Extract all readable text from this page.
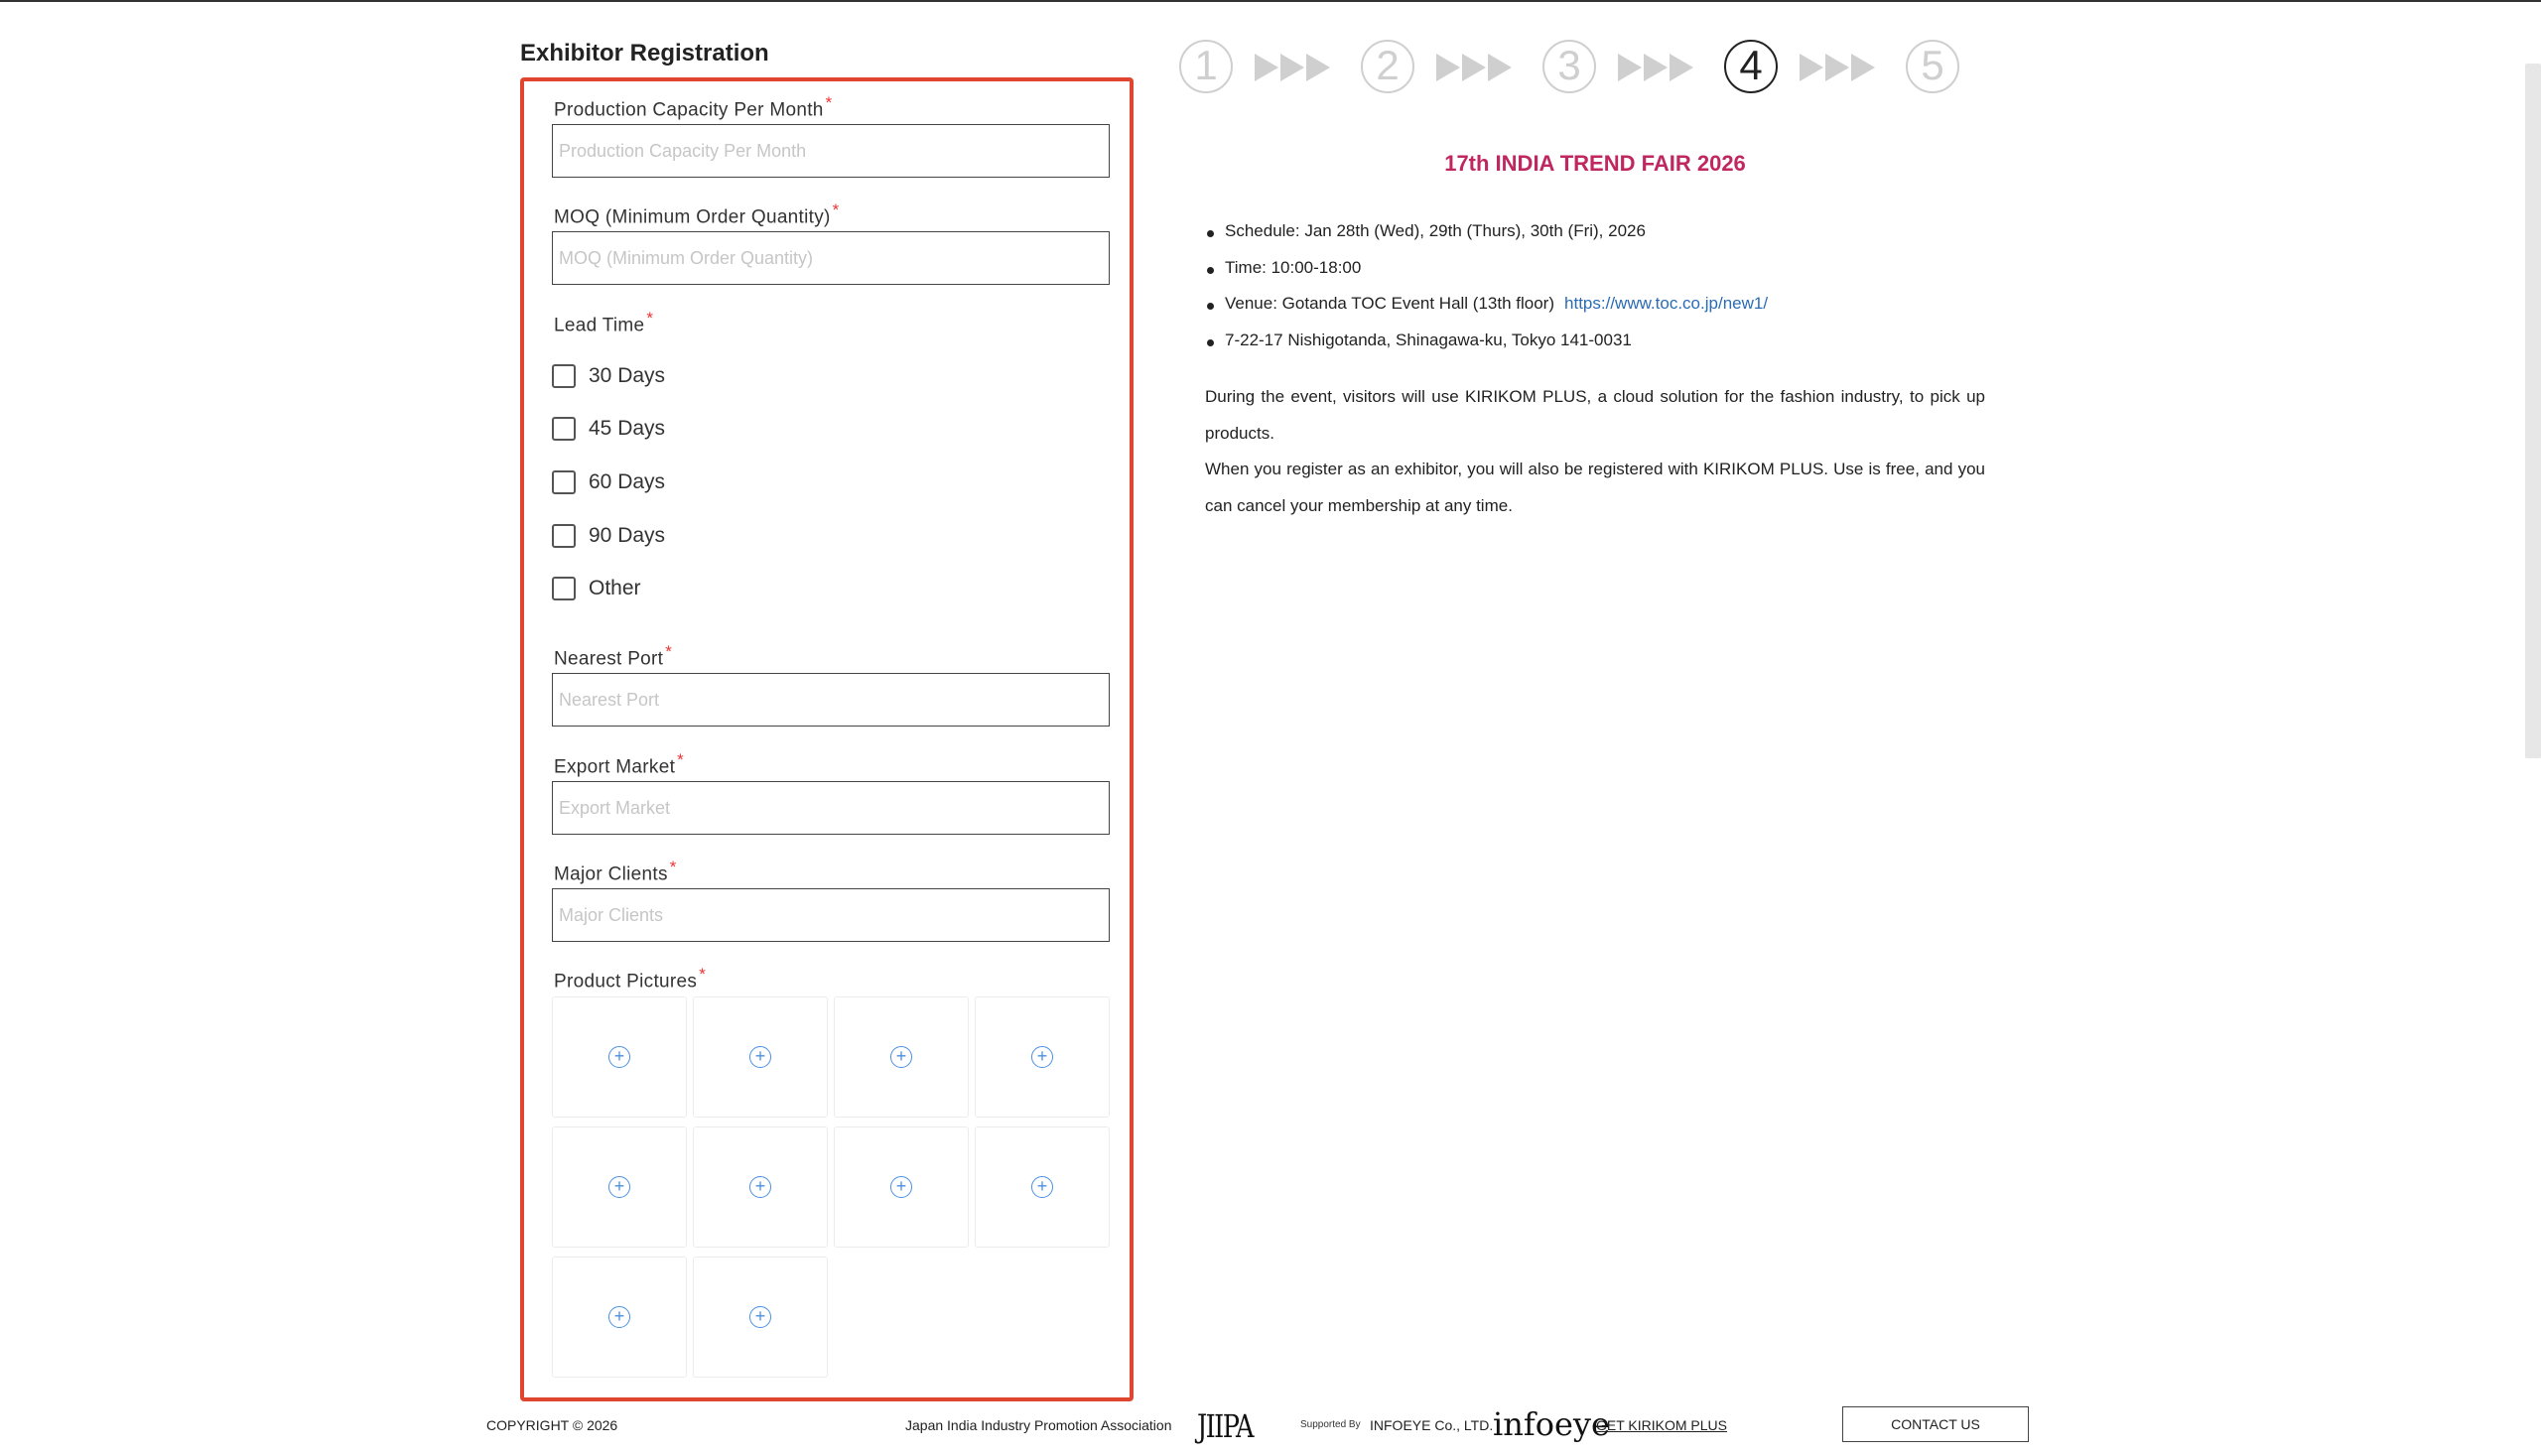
Exhibitor Registration
Production Capacity Per Month *
Production Capacity Per Month
MOQ (Minimum Order Quantity) *
MOQ (Minimum Order Quantity)
Lead Time *
30 Days
45 Days
60 Days
90 Days
Other
Nearest Port *
Nearest Port
Export Market *
Export Market
Major Clients *
Major Clients
Product Pictures *
+	+	+	+
+	+	+	+
+	+
1	2	3	4	5
17th INDIA TREND FAIR 2026
Schedule: Jan 28th (Wed), 29th (Thurs), 30th (Fri), 2026
Time: 10:00-18:00
Venue: Gotanda TOC Event Hall (13th floor) https://www.toc.co.jp/new1/
7-22-17 Nishigotanda, Shinagawa-ku, Tokyo 141-0031

During the event, visitors will use KIRIKOM PLUS, a cloud solution for the fashion industry, to pick up products.

When you register as an exhibitor, you will also be registered with KIRIKOM PLUS. Use is free, and you can cancel your membership at any time.

COPYRIGHT © 2026	Japan India Industry Promotion Association JIIPA	Supported By INFOEYE Co., LTD. infoeye
GET KIRIKOM PLUS	CONTACT US
